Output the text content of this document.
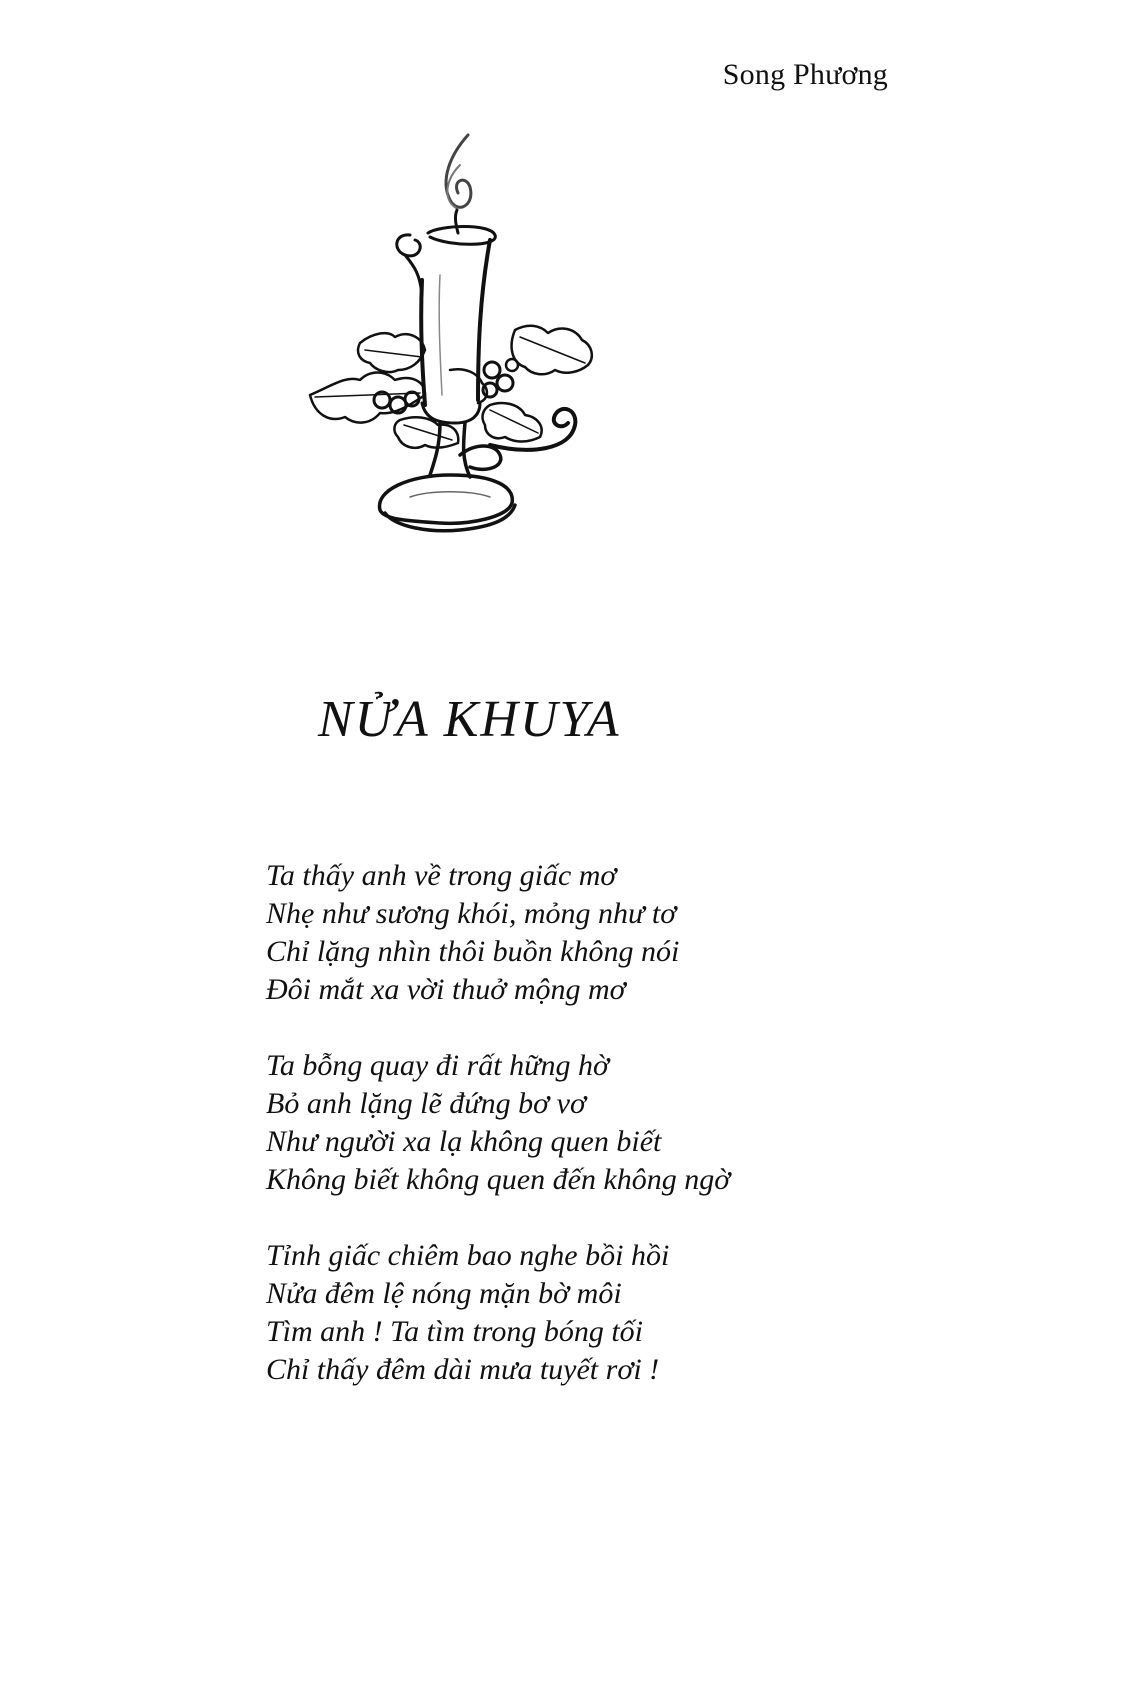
Song Phương
NỬA KHUYA
Ta thấy anh về trong giấc mơ
Nhẹ như sương khói, mỏng như tơ
Chỉ lặng nhìn thôi buồn không nói
Đôi mắt xa vời thuở mộng mơ
Ta bỗng quay đi rất hững hờ
Bỏ anh lặng lẽ đứng bơ vơ
Như người xa lạ không quen biết
Không biết không quen đến không ngờ
Tỉnh giấc chiêm bao nghe bồi hồi
Nửa đêm lệ nóng mặn bờ môi
Tìm anh ! Ta tìm trong bóng tối
Chỉ thấy đêm dài mưa tuyết rơi !
